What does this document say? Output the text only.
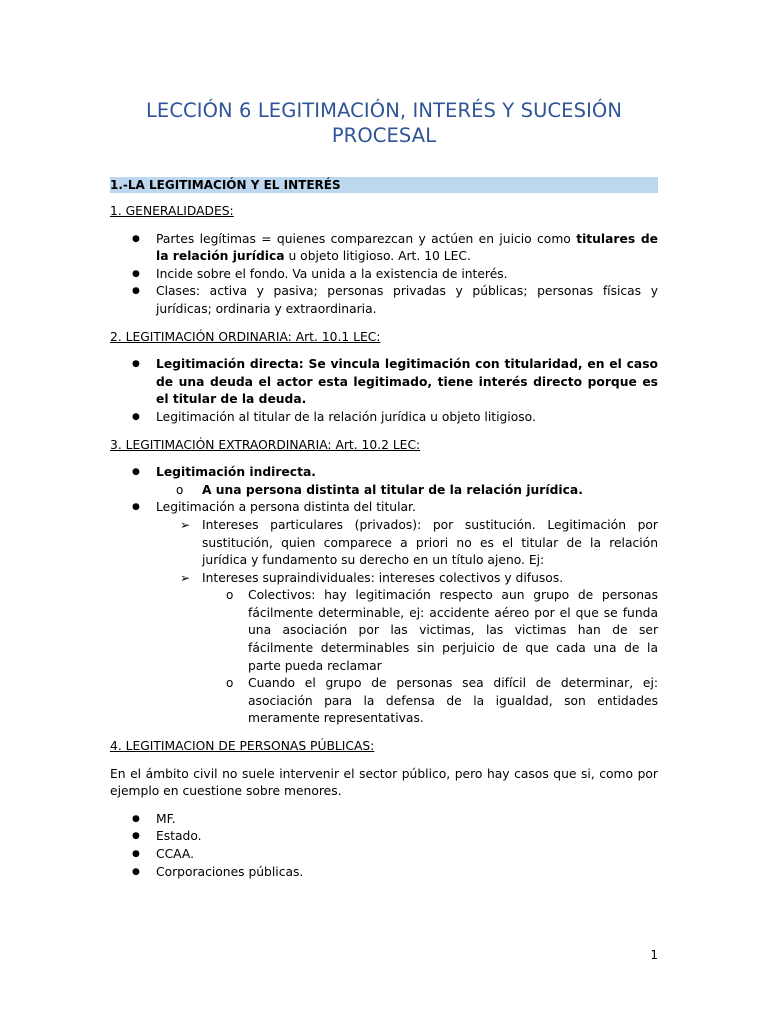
LECCIÓN 6 LEGITIMACIÓN, INTERÉS Y SUCESIÓN PROCESAL
1.-LA LEGITIMACIÓN Y EL INTERÉS
1. GENERALIDADES:
● Partes legítimas = quienes comparezcan y actúen en juicio como titulares de la relación jurídica u objeto litigioso. Art. 10 LEC.
● Incide sobre el fondo. Va unida a la existencia de interés.
● Clases: activa y pasiva; personas privadas y públicas; personas físicas y jurídicas; ordinaria y extraordinaria.
2. LEGITIMACIÓN ORDINARIA: Art. 10.1 LEC:
● Legitimación directa: Se vincula legitimación con titularidad, en el caso de una deuda el actor esta legitimado, tiene interés directo porque es el titular de la deuda.
● Legitimación al titular de la relación jurídica u objeto litigioso.
3. LEGITIMACIÓN EXTRAORDINARIA: Art. 10.2 LEC:
● Legitimación indirecta.
o A una persona distinta al titular de la relación jurídica.
● Legitimación a persona distinta del titular.
➢ Intereses particulares (privados): por sustitución. Legitimación por sustitución, quien comparece a priori no es el titular de la relación jurídica y fundamento su derecho en un título ajeno. Ej:
➢ Intereses supraindividuales: intereses colectivos y difusos.
o Colectivos: hay legitimación respecto aun grupo de personas fácilmente determinable, ej: accidente aéreo por el que se funda una asociación por las victimas, las victimas han de ser fácilmente determinables sin perjuicio de que cada una de la parte pueda reclamar
o Cuando el grupo de personas sea difícil de determinar, ej: asociación para la defensa de la igualdad, son entidades meramente representativas.
4. LEGITIMACION DE PERSONAS PÚBLICAS:

En el ámbito civil no suele intervenir el sector público, pero hay casos que si, como por ejemplo en cuestione sobre menores.

● MF.
● Estado.
● CCAA.
● Corporaciones públicas.
1
